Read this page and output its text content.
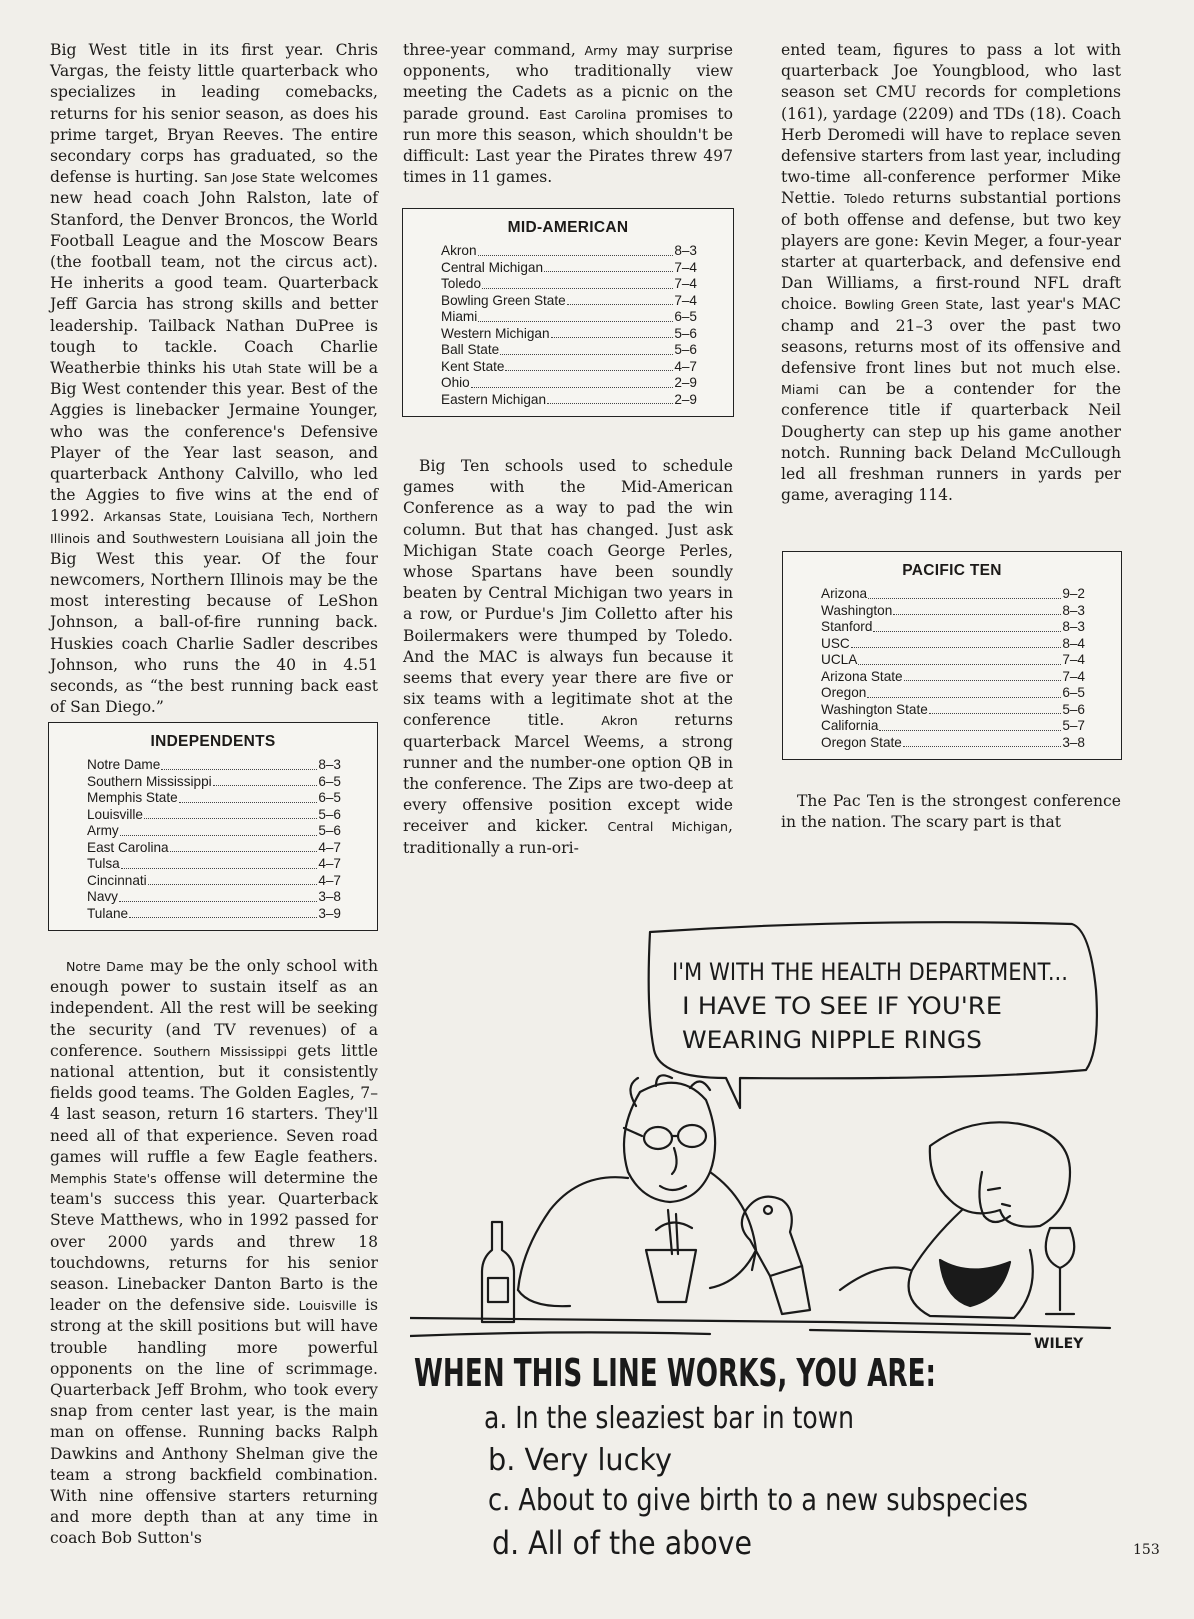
Big West title in its first year. Chris Vargas, the feisty little quarterback who specializes in leading comebacks, returns for his senior season, as does his prime target, Bryan Reeves. The entire secondary corps has graduated, so the defense is hurting. San Jose State welcomes new head coach John Ralston, late of Stanford, the Denver Broncos, the World Football League and the Moscow Bears (the football team, not the circus act). He inherits a good team. Quarterback Jeff Garcia has strong skills and better leadership. Tailback Nathan DuPree is tough to tackle. Coach Charlie Weatherbie thinks his Utah State will be a Big West contender this year. Best of the Aggies is linebacker Jermaine Younger, who was the conference's Defensive Player of the Year last season, and quarterback Anthony Calvillo, who led the Aggies to five wins at the end of 1992. Arkansas State, Louisiana Tech, Northern Illinois and Southwestern Louisiana all join the Big West this year. Of the four newcomers, Northern Illinois may be the most interesting because of LeShon Johnson, a ball-of-fire running back. Huskies coach Charlie Sadler describes Johnson, who runs the 40 in 4.51 seconds, as “the best running back east of San Diego.”

INDEPENDENTS
Notre Dame	8–3
Southern Mississippi	6–5
Memphis State	6–5
Louisville	5–6
Army	5–6
East Carolina	4–7
Tulsa	4–7
Cincinnati	4–7
Navy	3–8
Tulane	3–9

Notre Dame may be the only school with enough power to sustain itself as an independent. All the rest will be seeking the security (and TV revenues) of a conference. Southern Mississippi gets little national attention, but it consistently fields good teams. The Golden Eagles, 7–4 last season, return 16 starters. They'll need all of that experience. Seven road games will ruffle a few Eagle feathers. Memphis State's offense will determine the team's success this year. Quarterback Steve Matthews, who in 1992 passed for over 2000 yards and threw 18 touchdowns, returns for his senior season. Linebacker Danton Barto is the leader on the defensive side. Louisville is strong at the skill positions but will have trouble handling more powerful opponents on the line of scrimmage. Quarterback Jeff Brohm, who took every snap from center last year, is the main man on offense. Running backs Ralph Dawkins and Anthony Shelman give the team a strong backfield combination. With nine offensive starters returning and more depth than at any time in coach Bob Sutton's

three-year command, Army may surprise opponents, who traditionally view meeting the Cadets as a picnic on the parade ground. East Carolina promises to run more this season, which shouldn't be difficult: Last year the Pirates threw 497 times in 11 games.

MID-AMERICAN
Akron	8–3
Central Michigan	7–4
Toledo	7–4
Bowling Green State	7–4
Miami	6–5
Western Michigan	5–6
Ball State	5–6
Kent State	4–7
Ohio	2–9
Eastern Michigan	2–9

Big Ten schools used to schedule games with the Mid-American Conference as a way to pad the win column. But that has changed. Just ask Michigan State coach George Perles, whose Spartans have been soundly beaten by Central Michigan two years in a row, or Purdue's Jim Colletto after his Boilermakers were thumped by Toledo. And the MAC is always fun because it seems that every year there are five or six teams with a legitimate shot at the conference title. Akron returns quarterback Marcel Weems, a strong runner and the number-one option QB in the conference. The Zips are two-deep at every offensive position except wide receiver and kicker. Central Michigan, traditionally a run-ori-

ented team, figures to pass a lot with quarterback Joe Youngblood, who last season set CMU records for completions (161), yardage (2209) and TDs (18). Coach Herb Deromedi will have to replace seven defensive starters from last year, including two-time all-conference performer Mike Nettie. Toledo returns substantial portions of both offense and defense, but two key players are gone: Kevin Meger, a four-year starter at quarterback, and defensive end Dan Williams, a first-round NFL draft choice. Bowling Green State, last year's MAC champ and 21–3 over the past two seasons, returns most of its offensive and defensive front lines but not much else. Miami can be a contender for the conference title if quarterback Neil Dougherty can step up his game another notch. Running back Deland McCullough led all freshman runners in yards per game, averaging 114.

PACIFIC TEN
Arizona	9–2
Washington	8–3
Stanford	8–3
USC	8–4
UCLA	7–4
Arizona State	7–4
Oregon	6–5
Washington State	5–6
California	5–7
Oregon State	3–8

The Pac Ten is the strongest conference in the nation. The scary part is that

WILEY
I'M WITH THE HEALTH DEPARTMENT...
I HAVE TO SEE IF YOU'RE
WEARING NIPPLE RINGS
WHEN THIS LINE WORKS, YOU ARE:
a. In the sleaziest bar in town
b. Very lucky
c. About to give birth to a new subspecies
d. All of the above	153
